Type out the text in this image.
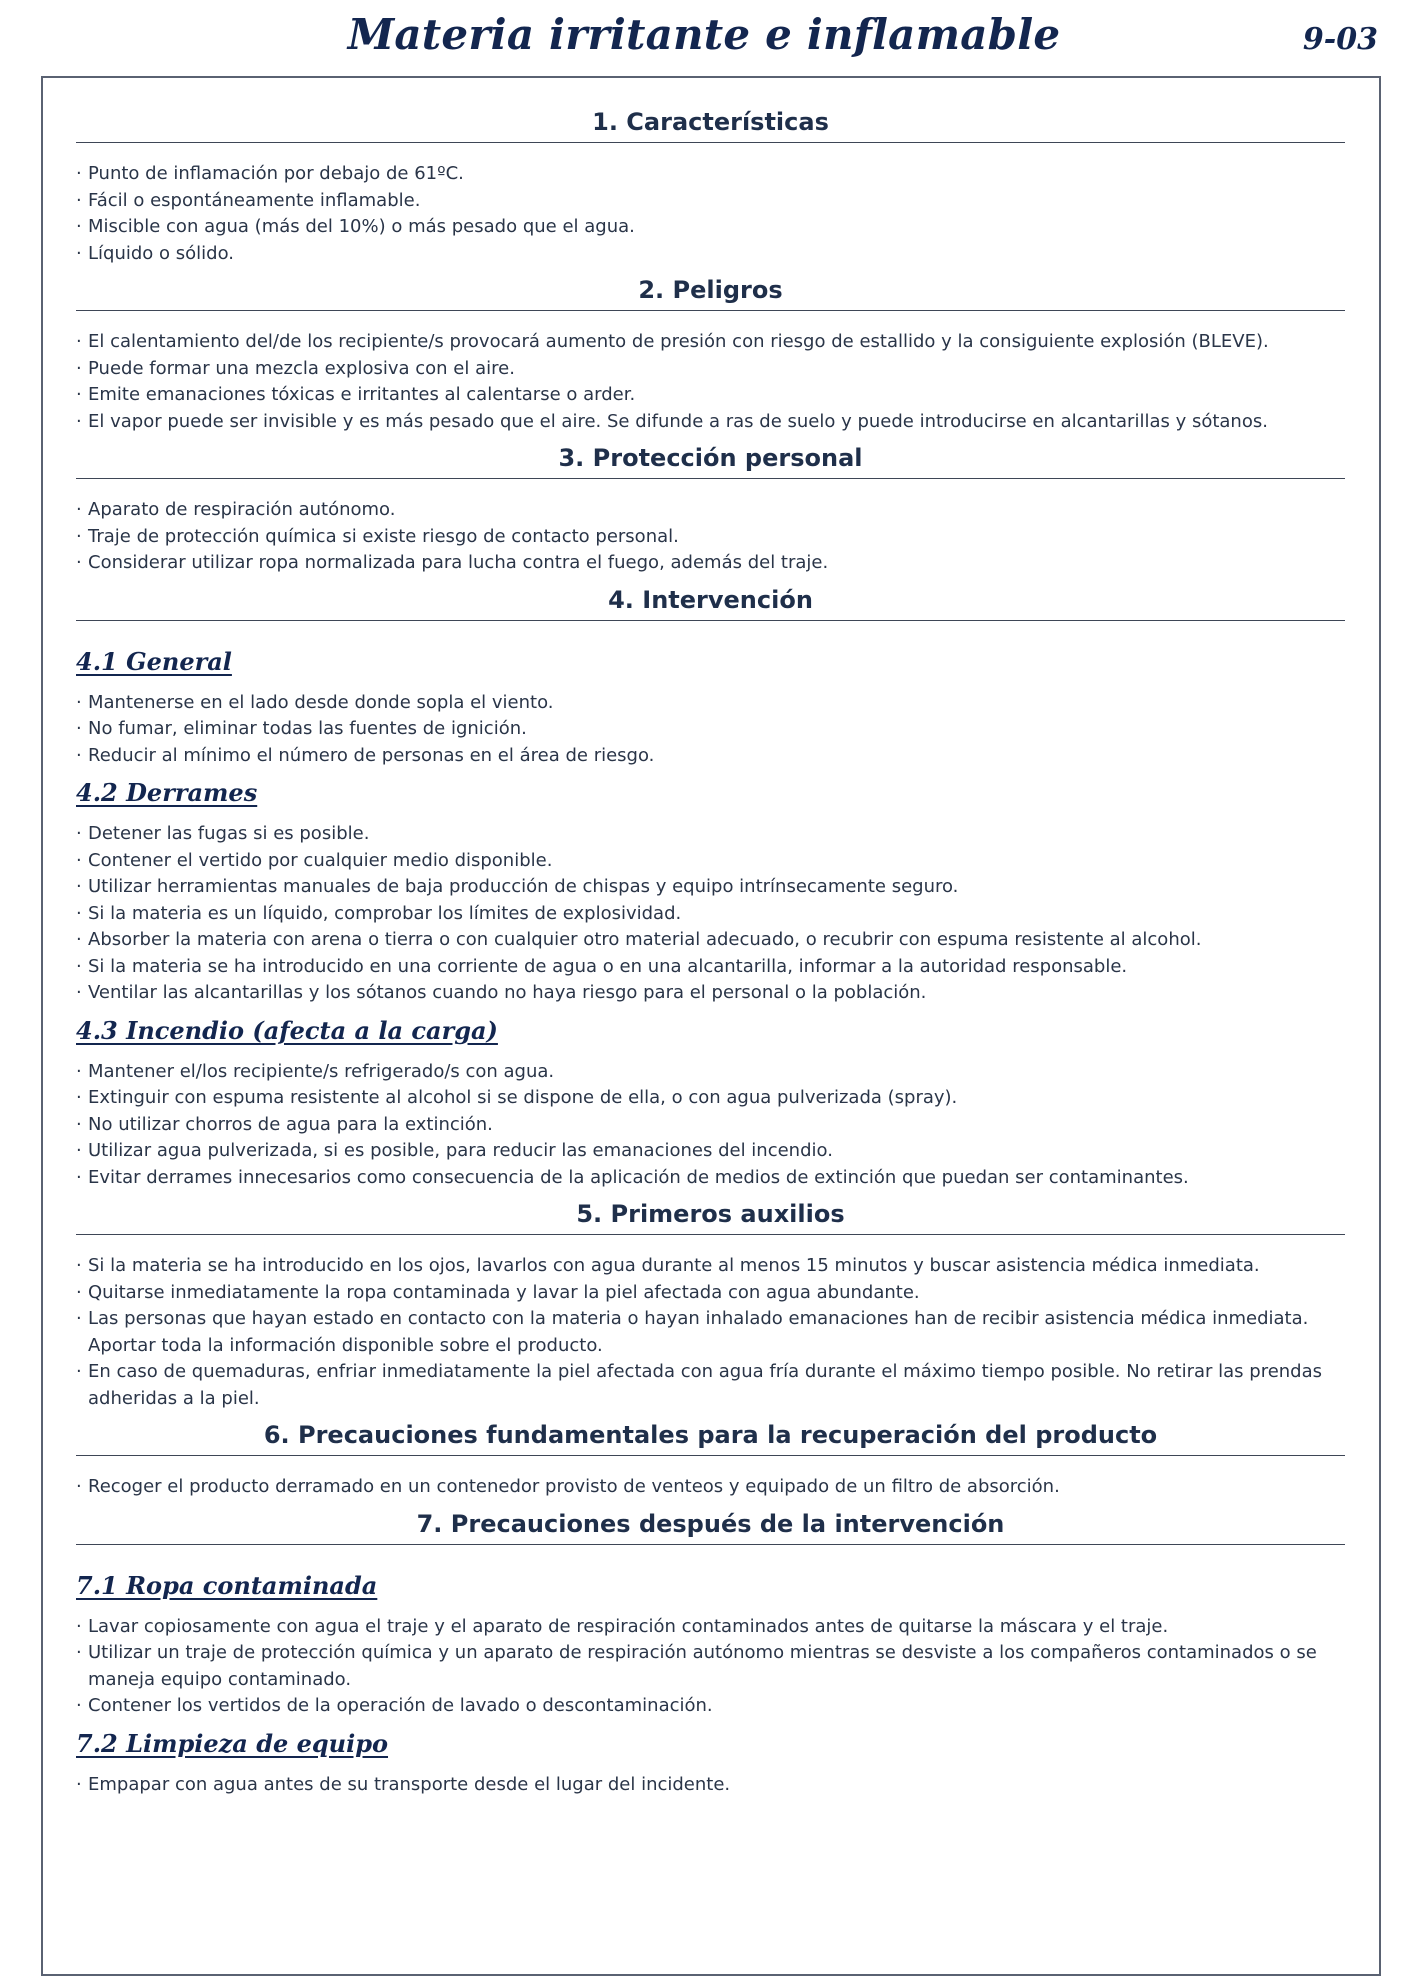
Materia irritante e inflamable	9-03
1. Características
· Punto de inflamación por debajo de 61ºC.
· Fácil o espontáneamente inflamable.
· Miscible con agua (más del 10%) o más pesado que el agua.
· Líquido o sólido.
2. Peligros
· El calentamiento del/de los recipiente/s provocará aumento de presión con riesgo de estallido y la consiguiente explosión (BLEVE).
· Puede formar una mezcla explosiva con el aire.
· Emite emanaciones tóxicas e irritantes al calentarse o arder.
· El vapor puede ser invisible y es más pesado que el aire. Se difunde a ras de suelo y puede introducirse en alcantarillas y sótanos.
3. Protección personal
· Aparato de respiración autónomo.
· Traje de protección química si existe riesgo de contacto personal.
· Considerar utilizar ropa normalizada para lucha contra el fuego, además del traje.
4. Intervención
4.1 General
· Mantenerse en el lado desde donde sopla el viento.
· No fumar, eliminar todas las fuentes de ignición.
· Reducir al mínimo el número de personas en el área de riesgo.
4.2 Derrames
· Detener las fugas si es posible.
· Contener el vertido por cualquier medio disponible.
· Utilizar herramientas manuales de baja producción de chispas y equipo intrínsecamente seguro.
· Si la materia es un líquido, comprobar los límites de explosividad.
· Absorber la materia con arena o tierra o con cualquier otro material adecuado, o recubrir con espuma resistente al alcohol.
· Si la materia se ha introducido en una corriente de agua o en una alcantarilla, informar a la autoridad responsable.
· Ventilar las alcantarillas y los sótanos cuando no haya riesgo para el personal o la población.
4.3 Incendio (afecta a la carga)
· Mantener el/los recipiente/s refrigerado/s con agua.
· Extinguir con espuma resistente al alcohol si se dispone de ella, o con agua pulverizada (spray).
· No utilizar chorros de agua para la extinción.
· Utilizar agua pulverizada, si es posible, para reducir las emanaciones del incendio.
· Evitar derrames innecesarios como consecuencia de la aplicación de medios de extinción que puedan ser contaminantes.
5. Primeros auxilios
· Si la materia se ha introducido en los ojos, lavarlos con agua durante al menos 15 minutos y buscar asistencia médica inmediata.
· Quitarse inmediatamente la ropa contaminada y lavar la piel afectada con agua abundante.
· Las personas que hayan estado en contacto con la materia o hayan inhalado emanaciones han de recibir asistencia médica inmediata. Aportar toda la información disponible sobre el producto.
· En caso de quemaduras, enfriar inmediatamente la piel afectada con agua fría durante el máximo tiempo posible. No retirar las prendas adheridas a la piel.
6. Precauciones fundamentales para la recuperación del producto
· Recoger el producto derramado en un contenedor provisto de venteos y equipado de un filtro de absorción.
7. Precauciones después de la intervención
7.1 Ropa contaminada
· Lavar copiosamente con agua el traje y el aparato de respiración contaminados antes de quitarse la máscara y el traje.
· Utilizar un traje de protección química y un aparato de respiración autónomo mientras se desviste a los compañeros contaminados o se maneja equipo contaminado.
· Contener los vertidos de la operación de lavado o descontaminación.
7.2 Limpieza de equipo
· Empapar con agua antes de su transporte desde el lugar del incidente.
